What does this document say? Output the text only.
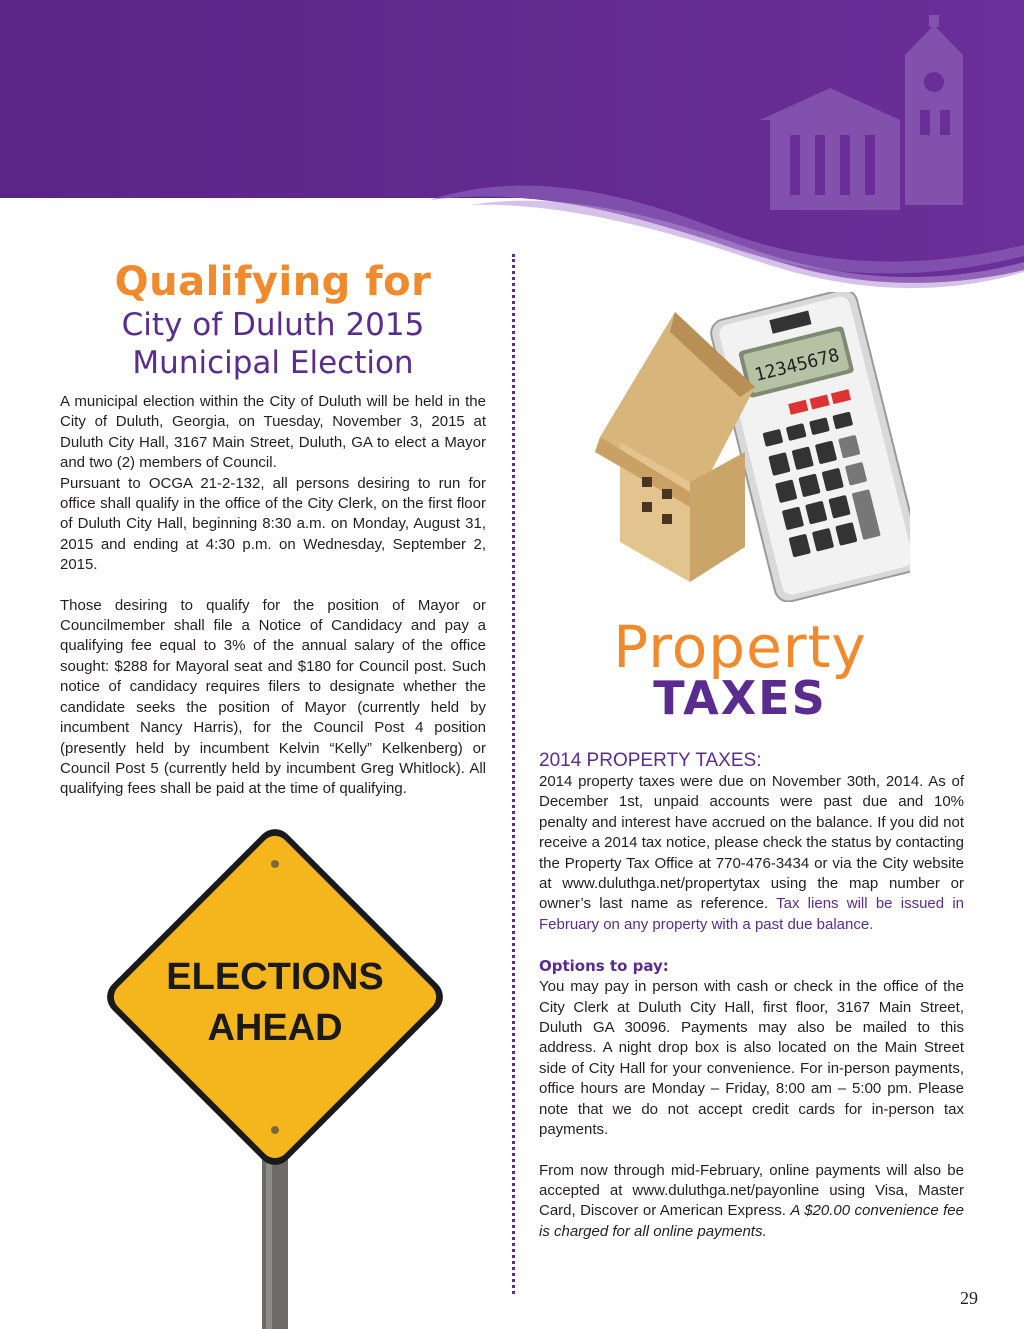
Qualifying for
City of Duluth 2015
Municipal Election

A municipal election within the City of Duluth will be held in the City of Duluth, Georgia, on Tuesday, November 3, 2015 at Duluth City Hall, 3167 Main Street, Duluth, GA to elect a Mayor and two (2) members of Council.

Pursuant to OCGA 21-2-132, all persons desiring to run for office shall qualify in the office of the City Clerk, on the first floor of Duluth City Hall, beginning 8:30 a.m. on Monday, August 31, 2015 and ending at 4:30 p.m. on Wednesday, September 2, 2015.

Those desiring to qualify for the position of Mayor or Councilmember shall file a Notice of Candidacy and pay a qualifying fee equal to 3% of the annual salary of the office sought: $288 for Mayoral seat and $180 for Council post. Such notice of candidacy requires filers to designate whether the candidate seeks the position of Mayor (currently held by incumbent Nancy Harris), for the Council Post 4 position (presently held by incumbent Kelvin “Kelly” Kelkenberg) or Council Post 5 (currently held by incumbent Greg Whitlock). All qualifying fees shall be paid at the time of qualifying.

ELECTIONS
AHEAD
12345678
Property
TAXES
2014 PROPERTY TAXES:

2014 property taxes were due on November 30th, 2014. As of December 1st, unpaid accounts were past due and 10% penalty and interest have accrued on the balance. If you did not receive a 2014 tax notice, please check the status by contacting the Property Tax Office at 770-476-3434 or via the City website at www.duluthga.net/propertytax using the map number or owner’s last name as reference. Tax liens will be issued in February on any property with a past due balance.

Options to pay:

You may pay in person with cash or check in the office of the City Clerk at Duluth City Hall, first floor, 3167 Main Street, Duluth GA 30096. Payments may also be mailed to this address. A night drop box is also located on the Main Street side of City Hall for your convenience. For in-person payments, office hours are Monday – Friday, 8:00 am – 5:00 pm. Please note that we do not accept credit cards for in-person tax payments.

From now through mid-February, online payments will also be accepted at www.duluthga.net/payonline using Visa, Master Card, Discover or American Express. A $20.00 convenience fee is charged for all online payments.

29
